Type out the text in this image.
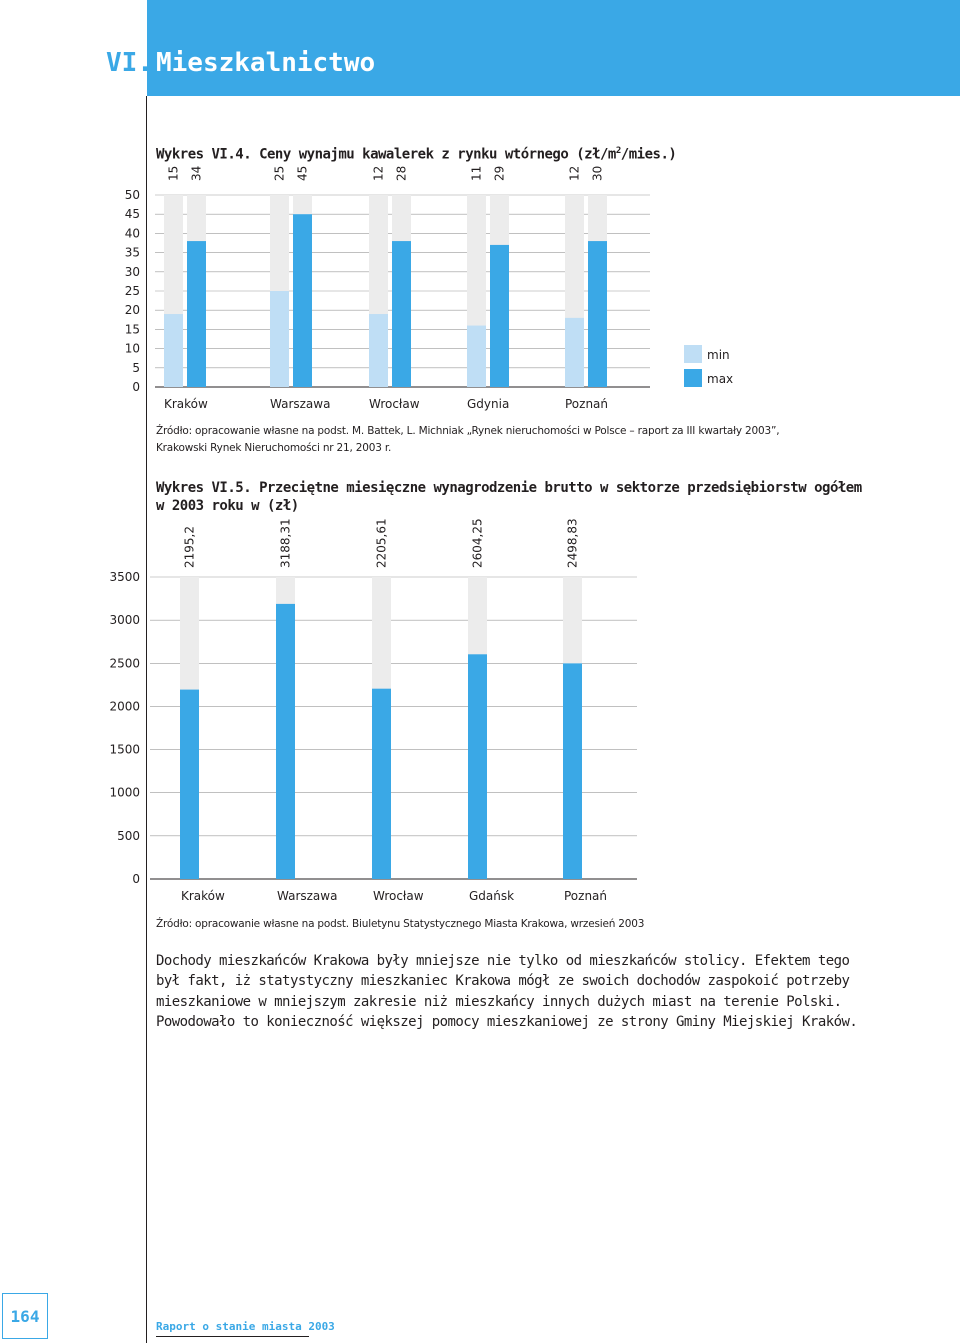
VI. Mieszkalnictwo
Wykres VI.4. Ceny wynajmu kawalerek z rynku wtórnego $(zł/m^2/mies.)$
0
5
10
15
20
25
30
35
40
45
50
15 34
Kraków
25 45
Warszawa
12 28
Wrocław
11 29
Gdynia
12 30
Poznań
min
max
Źródło: opracowanie własne na podst. M. Battek, L. Michniak „Rynek nieruchomości w Polsce – raport za III kwartały 2003”,
Krakowski Rynek Nieruchomości nr 21, 2003 r.
Wykres VI.5. Przeciętne miesięczne wynagrodzenie brutto w sektorze przedsiębiorstw ogółem
w 2003 roku w (zł)
0
500
1000
1500
2000
2500
3000
3500
2195,2
Kraków
3188,31
Warszawa
2205,61
Wrocław
2604,25
Gdańsk
2498,83
Poznań
Źródło: opracowanie własne na podst. Biuletynu Statystycznego Miasta Krakowa, wrzesień 2003

Dochody mieszkańców Krakowa były mniejsze nie tylko od mieszkańców stolicy. Efektem tego

był fakt, iż statystyczny mieszkaniec Krakowa mógł ze swoich dochodów zaspokoić potrzeby

mieszkaniowe w mniejszym zakresie niż mieszkańcy innych dużych miast na terenie Polski.

Powodowało to konieczność większej pomocy mieszkaniowej ze strony Gminy Miejskiej Kraków.

164
Raport o stanie miasta 2003
